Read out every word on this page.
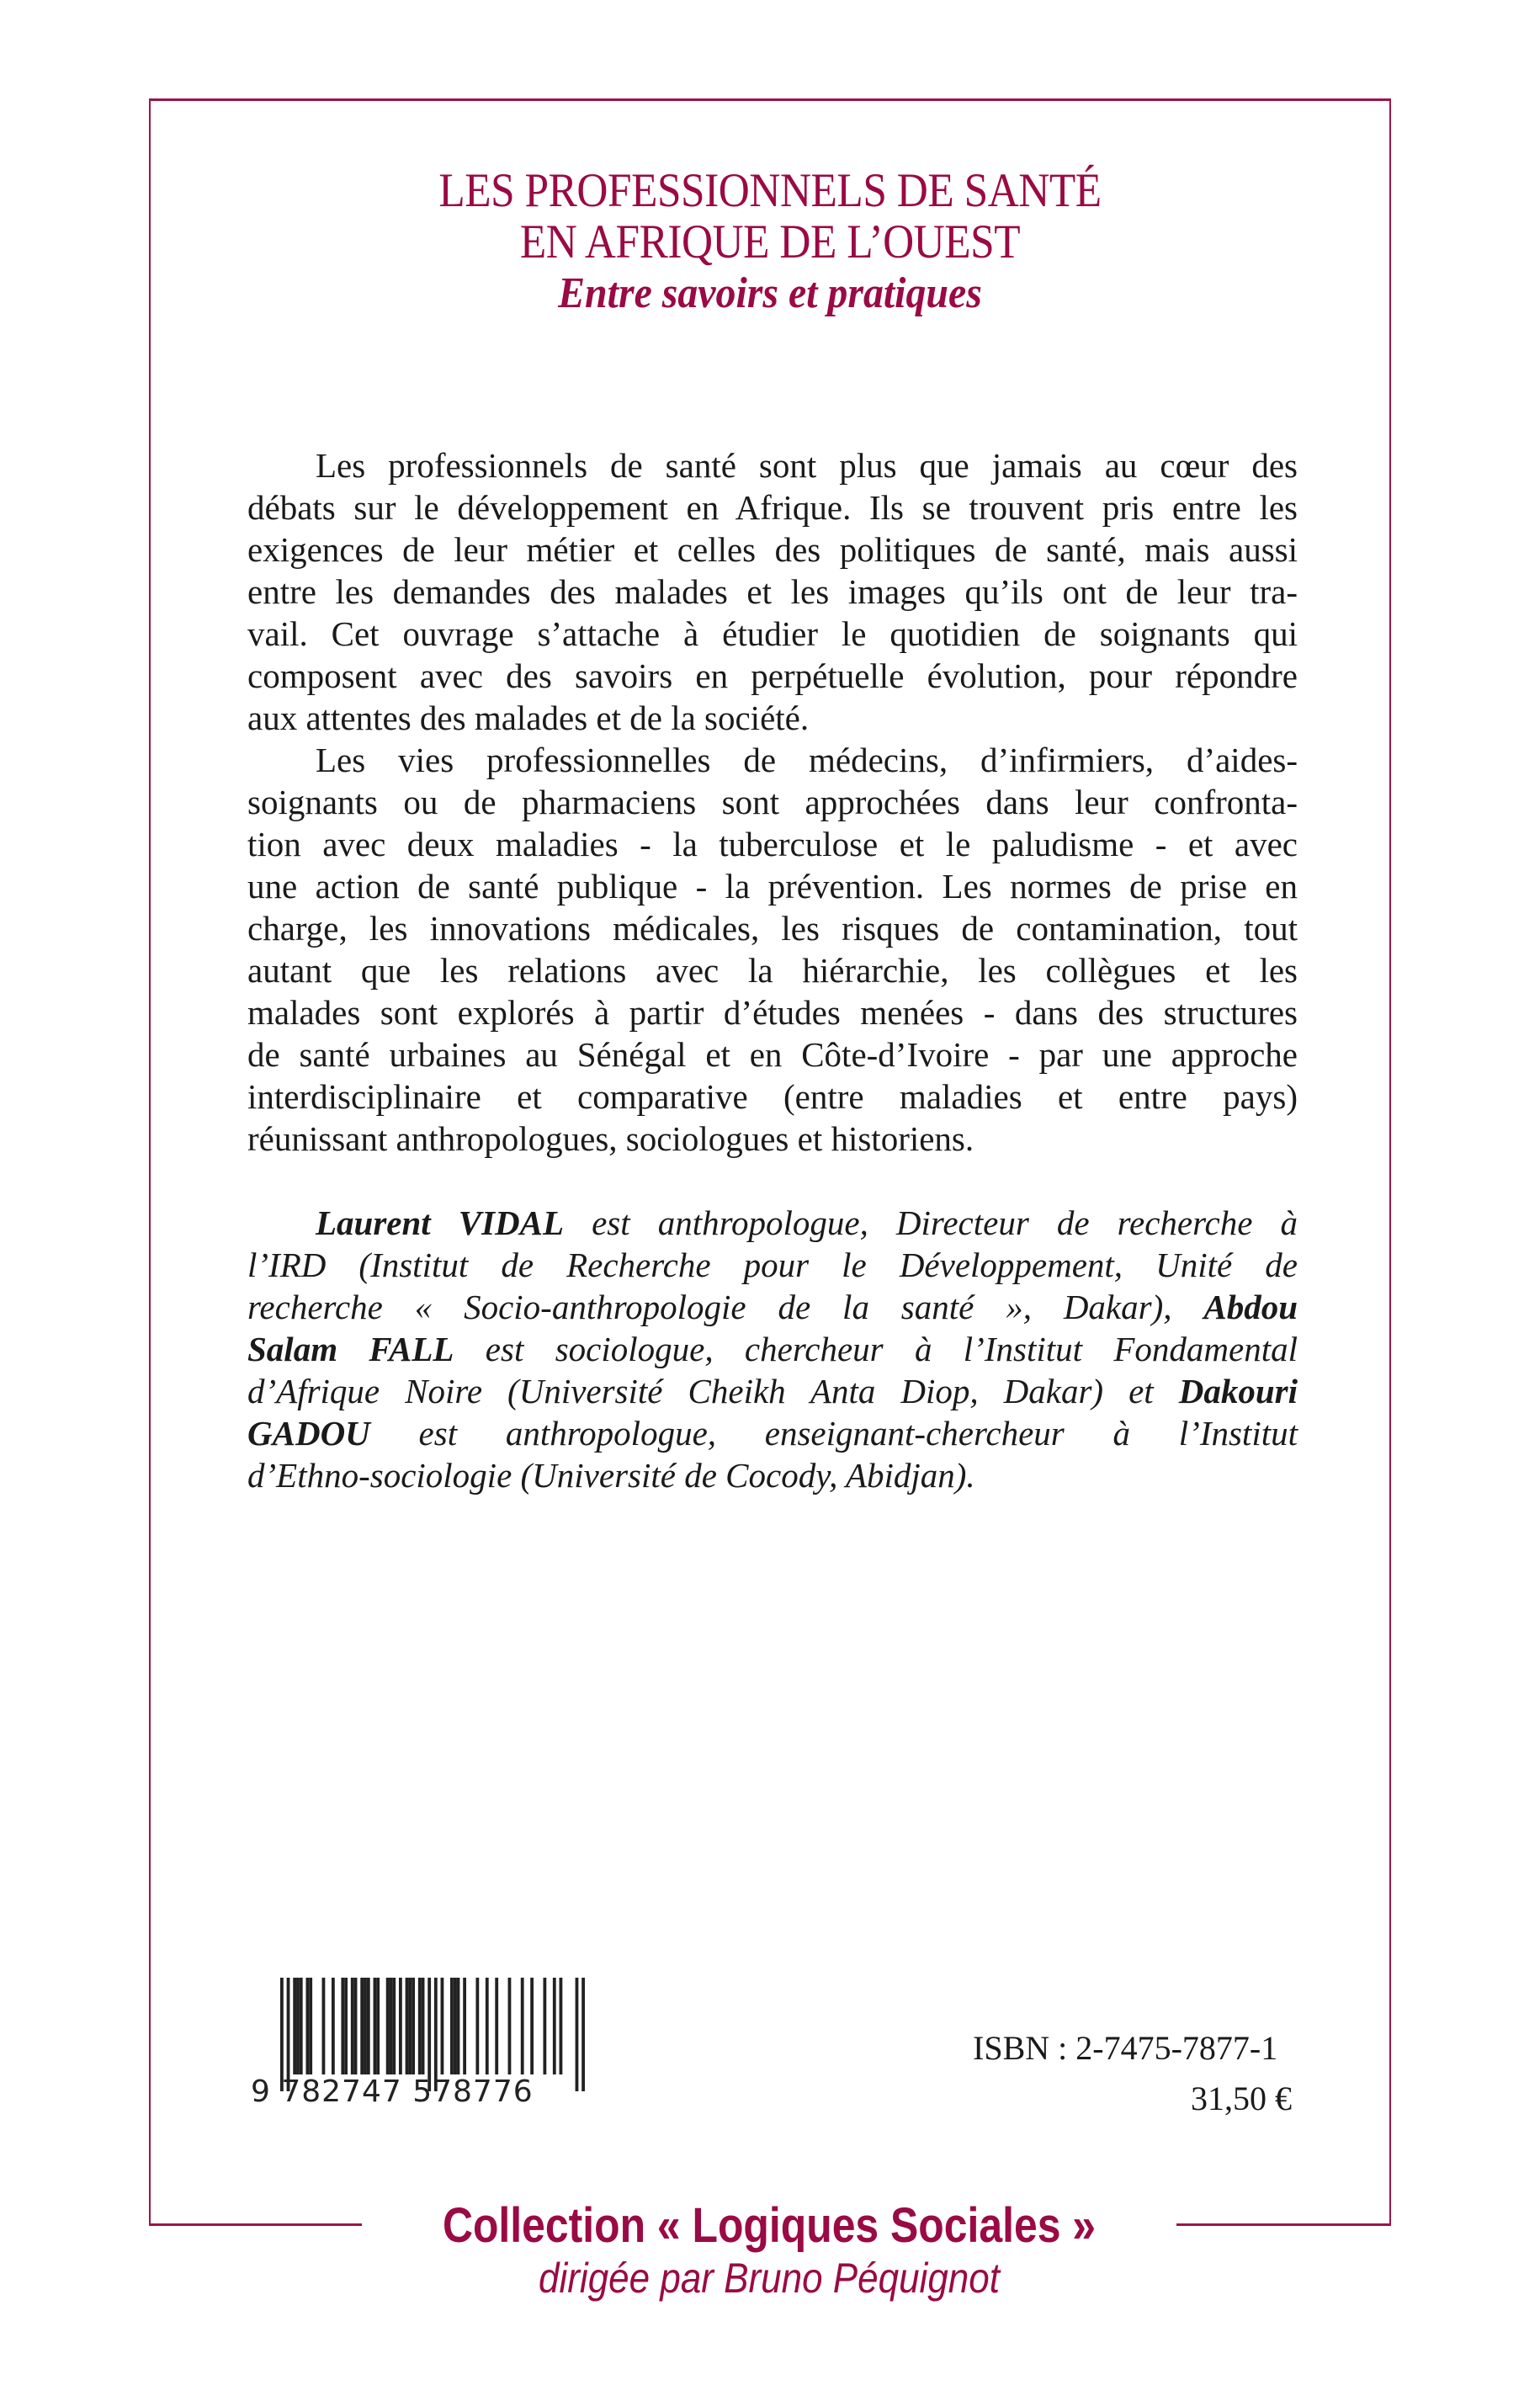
LES PROFESSIONNELS DE SANTÉ
EN AFRIQUE DE L’OUEST
Entre savoirs et pratiques
Les professionnels de santé sont plus que jamais au cœur des
débats sur le développement en Afrique. Ils se trouvent pris entre les
exigences de leur métier et celles des politiques de santé, mais aussi
entre les demandes des malades et les images qu’ils ont de leur tra-
vail. Cet ouvrage s’attache à étudier le quotidien de soignants qui
composent avec des savoirs en perpétuelle évolution, pour répondre
aux attentes des malades et de la société.
Les vies professionnelles de médecins, d’infirmiers, d’aides-
soignants ou de pharmaciens sont approchées dans leur confronta-
tion avec deux maladies - la tuberculose et le paludisme - et avec
une action de santé publique - la prévention. Les normes de prise en
charge, les innovations médicales, les risques de contamination, tout
autant que les relations avec la hiérarchie, les collègues et les
malades sont explorés à partir d’études menées - dans des structures
de santé urbaines au Sénégal et en Côte-d’Ivoire - par une approche
interdisciplinaire et comparative (entre maladies et entre pays)
réunissant anthropologues, sociologues et historiens.
Laurent VIDAL est anthropologue, Directeur de recherche à
l’IRD (Institut de Recherche pour le Développement, Unité de
recherche « Socio-anthropologie de la santé », Dakar), Abdou
Salam FALL est sociologue, chercheur à l’Institut Fondamental
d’Afrique Noire (Université Cheikh Anta Diop, Dakar) et Dakouri
GADOU est anthropologue, enseignant-chercheur à l’Institut
d’Ethno-sociologie (Université de Cocody, Abidjan).
9 782747 578776
ISBN : 2-7475-7877-1
31,50 €
Collection « Logiques Sociales »
dirigée par Bruno Péquignot
